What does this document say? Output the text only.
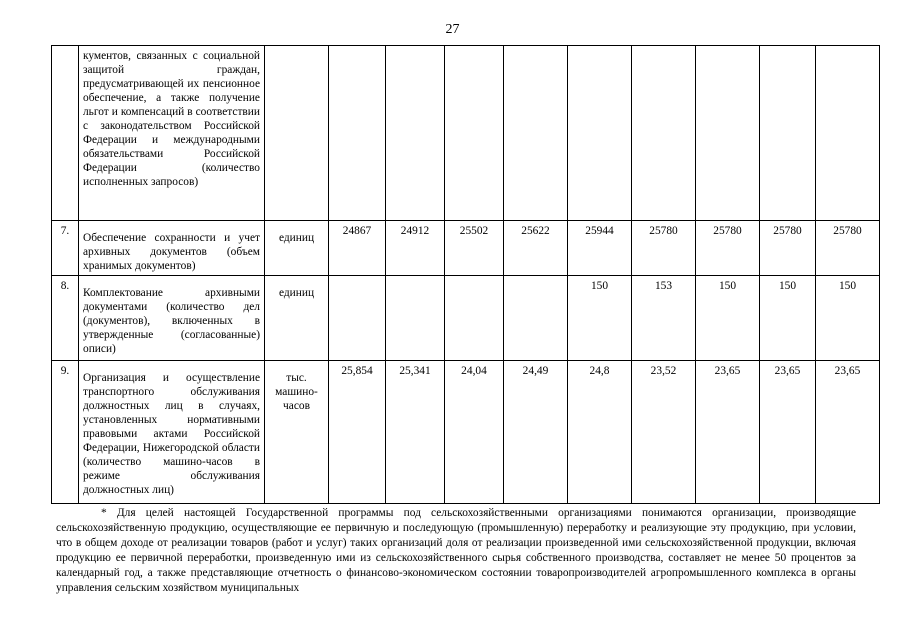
27
	кументов, связанных с социальной защитой граждан, предусматривающей их пенсионное обеспечение, а также получение льгот и компенсаций в соответствии с законодательством Российской Федерации и международными обязательствами Российской Федерации (количество исполненных запросов)										
7.	Обеспечение сохранности и учет архивных документов (объем хранимых документов)	единиц	24867	24912	25502	25622	25944	25780	25780	25780	25780
8.	Комплектование архивными документами (количество дел (документов), включенных в утвержденные (согласованные) описи)	единиц					150	153	150	150	150
9.	Организация и осуществление транспортного обслуживания должностных лиц в случаях, установленных нормативными правовыми актами Российской Федерации, Нижегородской области (количество машино-часов в режиме обслуживания должностных лиц)	тыс. машино-часов	25,854	25,341	24,04	24,49	24,8	23,52	23,65	23,65	23,65

* Для целей настоящей Государственной программы под сельскохозяйственными организациями понимаются организации, производящие сельскохозяйственную продукцию, осуществляющие ее первичную и последующую (промышленную) переработку и реализующие эту продукцию, при условии, что в общем доходе от реализации товаров (работ и услуг) таких организаций доля от реализации произведенной ими сельскохозяйственной продукции, включая продукцию ее первичной переработки, произведенную ими из сельскохозяйственного сырья собственного производства, составляет не менее 50 процентов за календарный год, а также представляющие отчетность о финансово-экономическом состоянии товаропроизводителей агропромышленного комплекса в органы управления сельским хозяйством муниципальных
